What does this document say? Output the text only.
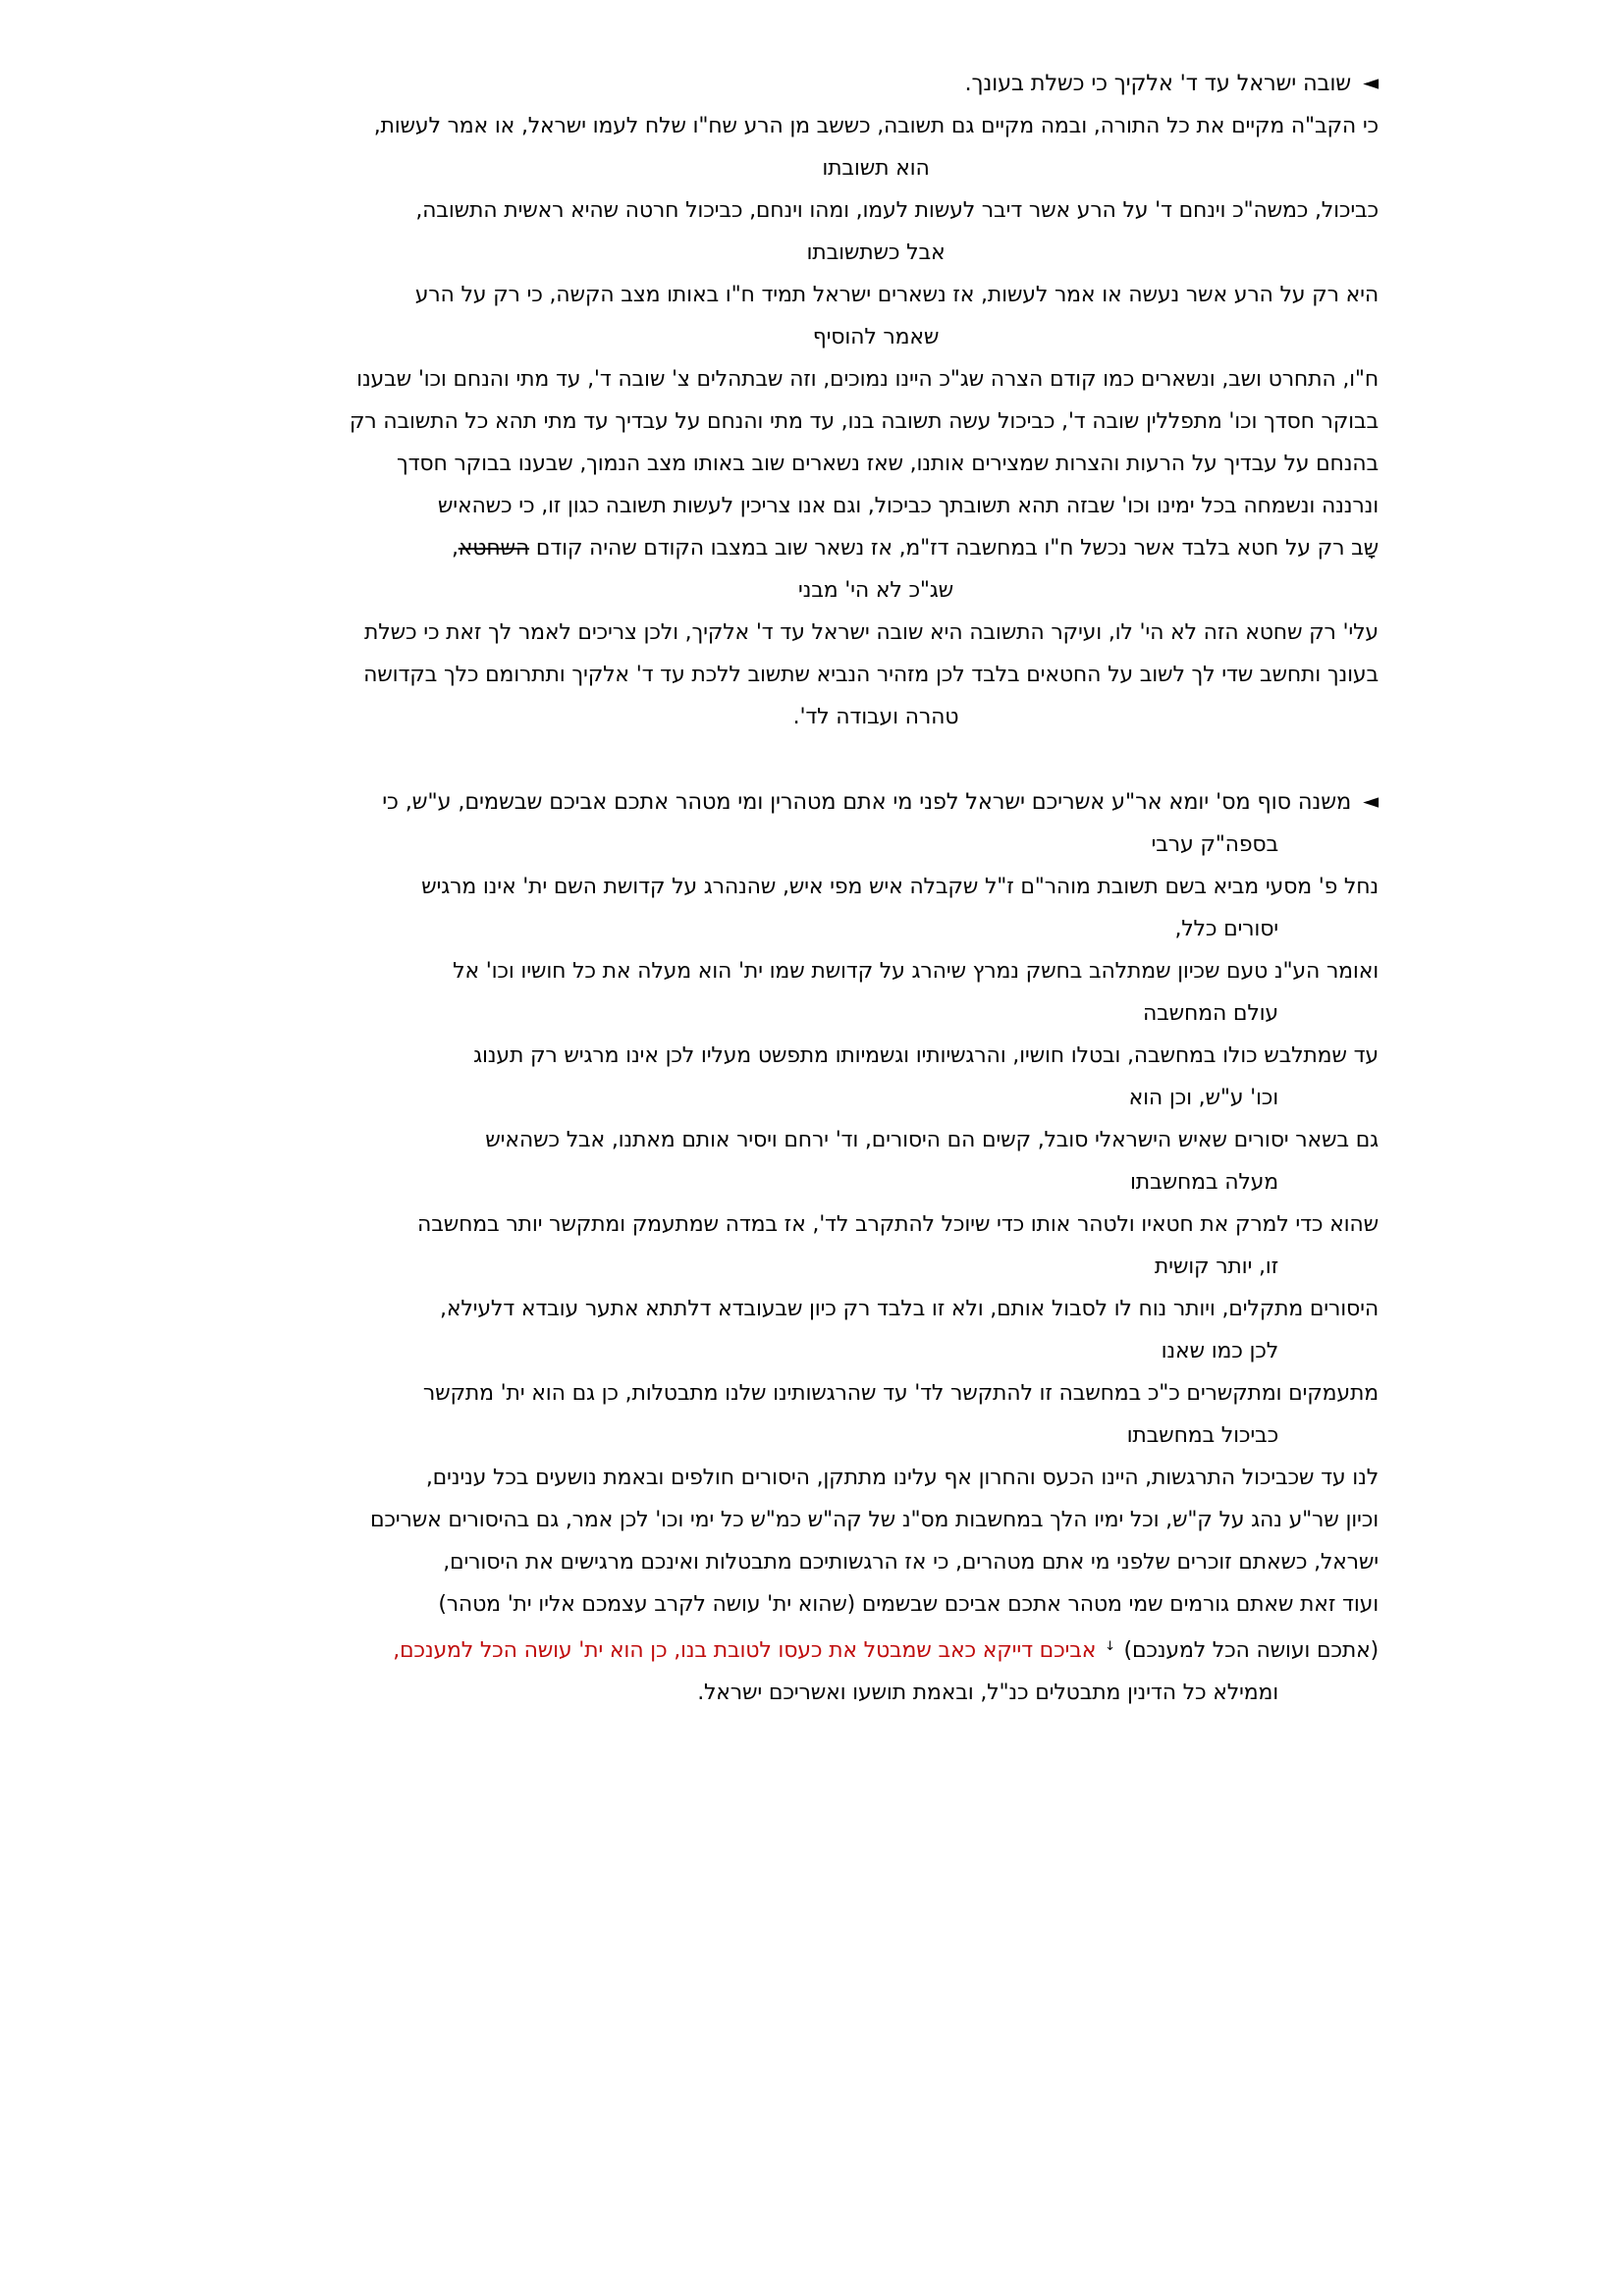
◄שובה ישראל עד ד' אלקיך כי כשלת בעונך.
כי הקב"ה מקיים את כל התורה, ובמה מקיים גם תשובה, כששב מן הרע שח"ו שלח לעמו ישראל, או אמר לעשות,
הוא תשובתו
כביכול, כמשה"כ וינחם ד' על הרע אשר דיבר לעשות לעמו, ומהו וינחם, כביכול חרטה שהיא ראשית התשובה,
אבל כשתשובתו
היא רק על הרע אשר נעשה או אמר לעשות, אז נשארים ישראל תמיד ח"ו באותו מצב הקשה, כי רק על הרע
שאמר להוסיף
ח"ו, התחרט ושב, ונשארים כמו קודם הצרה שג"כ היינו נמוכים, וזה שבתהלים צ' שובה ד', עד מתי והנחם וכו' שבענו
בבוקר חסדך וכו' מתפללין שובה ד', כביכול עשה תשובה בנו, עד מתי והנחם על עבדיך עד מתי תהא כל התשובה רק
בהנחם על עבדיך על הרעות והצרות שמצירים אותנו, שאז נשארים שוב באותו מצב הנמוך, שבענו בבוקר חסדך
ונרננה ונשמחה בכל ימינו וכו' שבזה תהא תשובתך כביכול, וגם אנו צריכין לעשות תשובה כגון זו, כי כשהאיש
שָב רק על חטא בלבד אשר נכשל ח"ו במחשבה דז"מ, אז נשאר שוב במצבו הקודם שהיה קודם השחטא,
שג"כ לא הי' מבני
עלי' רק שחטא הזה לא הי' לו, ועיקר התשובה היא שובה ישראל עד ד' אלקיך, ולכן צריכים לאמר לך זאת כי כשלת
בעונך ותחשב שדי לך לשוב על החטאים בלבד לכן מזהיר הנביא שתשוב ללכת עד ד' אלקיך ותתרומם כלך בקדושה
טהרה ועבודה לד'.
◄משנה סוף מס' יומא אר"ע אשריכם ישראל לפני מי אתם מטהרין ומי מטהר אתכם אביכם שבשמים, ע"ש, כי
בספה"ק ערבי
נחל פ' מסעי מביא בשם תשובת מוהר"ם ז"ל שקבלה איש מפי איש, שהנהרג על קדושת השם ית' אינו מרגיש
יסורים כלל,
ואומר הע"נ טעם שכיון שמתלהב בחשק נמרץ שיהרג על קדושת שמו ית' הוא מעלה את כל חושיו וכו' אל
עולם המחשבה
עד שמתלבש כולו במחשבה, ובטלו חושיו, והרגשיותיו וגשמיותו מתפשט מעליו לכן אינו מרגיש רק תענוג
וכו' ע"ש, וכן הוא
גם בשאר יסורים שאיש הישראלי סובל, קשים הם היסורים, וד' ירחם ויסיר אותם מאתנו, אבל כשהאיש
מעלה במחשבתו
שהוא כדי למרק את חטאיו ולטהר אותו כדי שיוכל להתקרב לד', אז במדה שמתעמק ומתקשר יותר במחשבה
זו, יותר קושית
היסורים מתקלים, ויותר נוח לו לסבול אותם, ולא זו בלבד רק כיון שבעובדא דלתתא אתער עובדא דלעילא,
לכן כמו שאנו
מתעמקים ומתקשרים כ"כ במחשבה זו להתקשר לד' עד שהרגשותינו שלנו מתבטלות, כן גם הוא ית' מתקשר
כביכול במחשבתו
לנו עד שכביכול התרגשות, היינו הכעס והחרון אף עלינו מתתקן, היסורים חולפים ובאמת נושעים בכל ענינים,
וכיון שר"ע נהג על ק"ש, וכל ימיו הלך במחשבות מס"נ של קה"ש כמ"ש כל ימי וכו' לכן אמר, גם בהיסורים אשריכם
ישראל, כשאתם זוכרים שלפני מי אתם מטהרים, כי אז הרגשותיכם מתבטלות ואינכם מרגישים את היסורים,
ועוד זאת שאתם גורמים שמי מטהר אתכם אביכם שבשמים (שהוא ית' עושה לקרב עצמכם אליו ית' מטהר)
(אתכם ועושה הכל למענכם) ↓ אביכם דייקא כאב שמבטל את כעסו לטובת בנו, כן הוא ית' עושה הכל למענכם,
וממילא כל הדינין מתבטלים כנ"ל, ובאמת תושעו ואשריכם ישראל.
